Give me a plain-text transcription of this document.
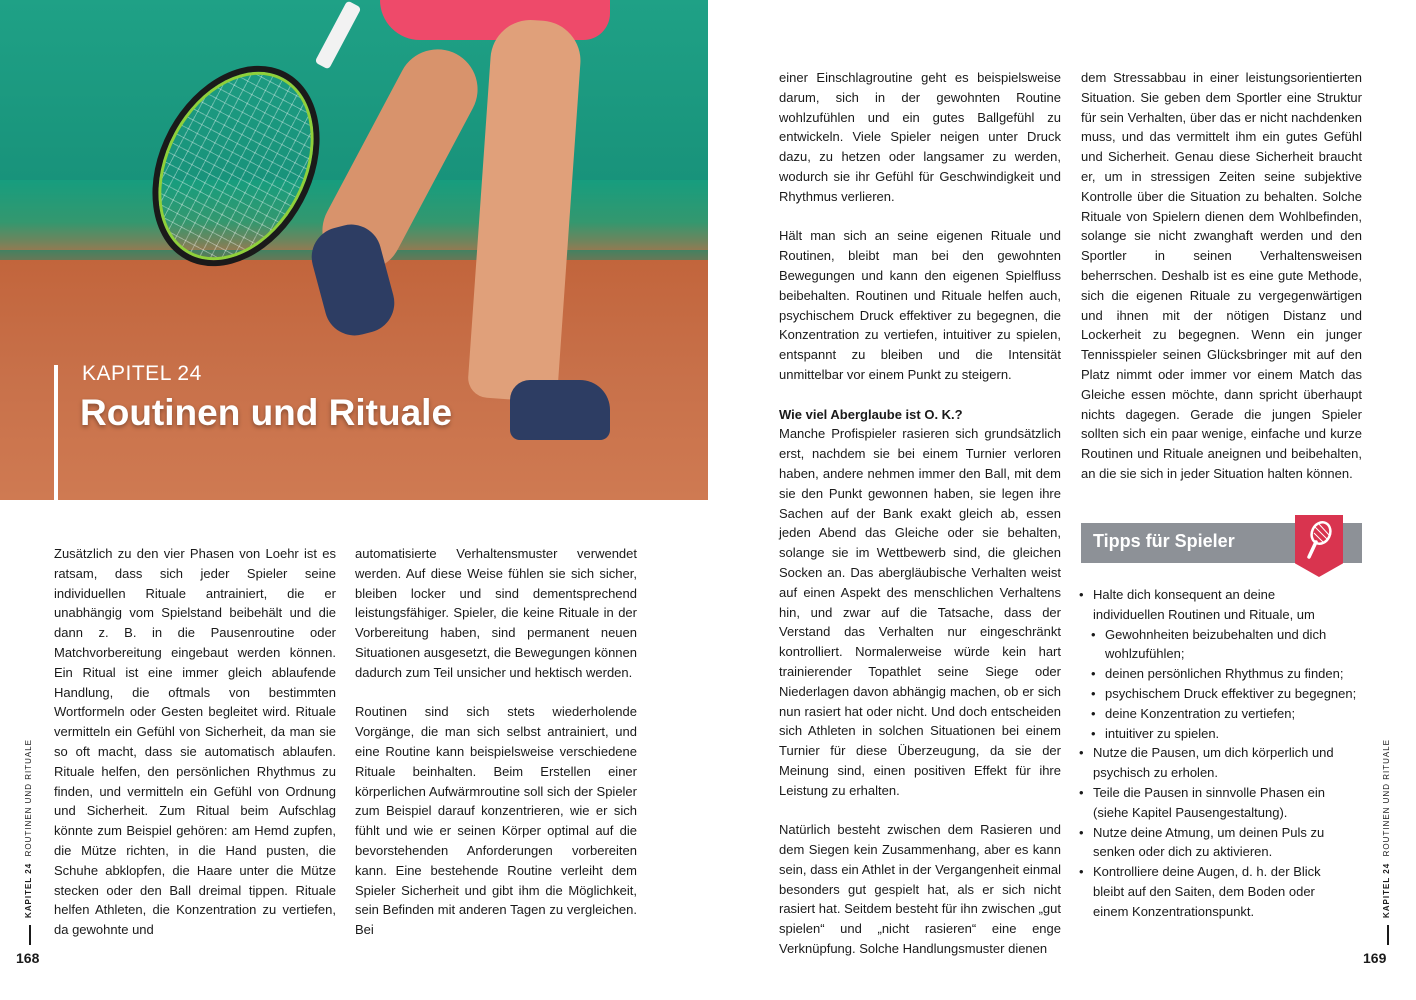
KAPITEL 24
Routinen und Rituale

Zusätzlich zu den vier Phasen von Loehr ist es ratsam, dass sich jeder Spieler seine individuellen Rituale antrainiert, die er unabhängig vom Spielstand beibehält und die dann z. B. in die Pausenroutine oder Matchvorbereitung eingebaut werden können. Ein Ritual ist eine immer gleich ablaufende Handlung, die oftmals von bestimmten Wortformeln oder Gesten begleitet wird. Rituale vermitteln ein Gefühl von Sicherheit, da man sie so oft macht, dass sie automatisch ablaufen. Rituale helfen, den persönlichen Rhythmus zu finden, und vermitteln ein Gefühl von Ordnung und Sicherheit. Zum Ritual beim Aufschlag könnte zum Beispiel gehören: am Hemd zupfen, die Mütze richten, in die Hand pusten, die Schuhe abklopfen, die Haare unter die Mütze stecken oder den Ball dreimal tippen. Rituale helfen Athleten, die Konzentration zu vertiefen, da gewohnte und

automatisierte Verhaltensmuster verwendet werden. Auf diese Weise fühlen sie sich sicher, bleiben locker und sind dementsprechend leistungsfähiger. Spieler, die keine Rituale in der Vorbereitung haben, sind permanent neuen Situationen ausgesetzt, die Bewegungen können dadurch zum Teil unsicher und hektisch werden.

Routinen sind sich stets wiederholende Vorgänge, die man sich selbst antrainiert, und eine Routine kann beispielsweise verschiedene Rituale beinhalten. Beim Erstellen einer körperlichen Aufwärmroutine soll sich der Spieler zum Beispiel darauf konzentrieren, wie er sich fühlt und wie er seinen Körper optimal auf die bevorstehenden Anforderungen vorbereiten kann. Eine bestehende Routine verleiht dem Spieler Sicherheit und gibt ihm die Möglichkeit, sein Befinden mit anderen Tagen zu vergleichen. Bei

KAPITEL 24  ROUTINEN UND RITUALE
168

einer Einschlagroutine geht es beispielsweise darum, sich in der gewohnten Routine wohlzufühlen und ein gutes Ballgefühl zu entwickeln. Viele Spieler neigen unter Druck dazu, zu hetzen oder langsamer zu werden, wodurch sie ihr Gefühl für Geschwindigkeit und Rhythmus verlieren.

Hält man sich an seine eigenen Rituale und Routinen, bleibt man bei den gewohnten Bewegungen und kann den eigenen Spielfluss beibehalten. Routinen und Rituale helfen auch, psychischem Druck effektiver zu begegnen, die Konzentration zu vertiefen, intuitiver zu spielen, entspannt zu bleiben und die Intensität unmittelbar vor einem Punkt zu steigern.

Wie viel Aberglaube ist O. K.?

Manche Profispieler rasieren sich grundsätzlich erst, nachdem sie bei einem Turnier verloren haben, andere nehmen immer den Ball, mit dem sie den Punkt gewonnen haben, sie legen ihre Sachen auf der Bank exakt gleich ab, essen jeden Abend das Gleiche oder sie behalten, solange sie im Wettbewerb sind, die gleichen Socken an. Das abergläubische Verhalten weist auf einen Aspekt des menschlichen Verhaltens hin, und zwar auf die Tatsache, dass der Verstand das Verhalten nur eingeschränkt kontrolliert. Normalerweise würde kein hart trainierender Topathlet seine Siege oder Niederlagen davon abhängig machen, ob er sich nun rasiert hat oder nicht. Und doch entscheiden sich Athleten in solchen Situationen bei einem Turnier für diese Überzeugung, da sie der Meinung sind, einen positiven Effekt für ihre Leistung zu erhalten.

Natürlich besteht zwischen dem Rasieren und dem Siegen kein Zusammenhang, aber es kann sein, dass ein Athlet in der Vergangenheit einmal besonders gut gespielt hat, als er sich nicht rasiert hat. Seitdem besteht für ihn zwischen „gut spielen“ und „nicht rasieren“ eine enge Verknüpfung. Solche Handlungsmuster dienen

dem Stressabbau in einer leistungsorientierten Situation. Sie geben dem Sportler eine Struktur für sein Verhalten, über das er nicht nachdenken muss, und das vermittelt ihm ein gutes Gefühl und Sicherheit. Genau diese Sicherheit braucht er, um in stressigen Zeiten seine subjektive Kontrolle über die Situation zu behalten. Solche Rituale von Spielern dienen dem Wohlbefinden, solange sie nicht zwanghaft werden und den Sportler in seinen Verhaltensweisen beherrschen. Deshalb ist es eine gute Methode, sich die eigenen Rituale zu vergegenwärtigen und ihnen mit der nötigen Distanz und Lockerheit zu begegnen. Wenn ein junger Tennisspieler seinen Glücksbringer mit auf den Platz nimmt oder immer vor einem Match das Gleiche essen möchte, dann spricht überhaupt nichts dagegen. Gerade die jungen Spieler sollten sich ein paar wenige, einfache und kurze Routinen und Rituale aneignen und beibehalten, an die sie sich in jeder Situation halten können.

Tipps für Spieler
• Halte dich konsequent an deine
individuellen Routinen und Rituale, um
• Gewohnheiten beizubehalten und dich
wohlzufühlen;
• deinen persönlichen Rhythmus zu finden;
• psychischem Druck effektiver zu begegnen;
• deine Konzentration zu vertiefen;
• intuitiver zu spielen.
• Nutze die Pausen, um dich körperlich und
psychisch zu erholen.
• Teile die Pausen in sinnvolle Phasen ein
(siehe Kapitel Pausengestaltung).
• Nutze deine Atmung, um deinen Puls zu
senken oder dich zu aktivieren.
• Kontrolliere deine Augen, d. h. der Blick
bleibt auf den Saiten, dem Boden oder
einem Konzentrationspunkt.	KAPITEL 24  ROUTINEN UND RITUALE
169
